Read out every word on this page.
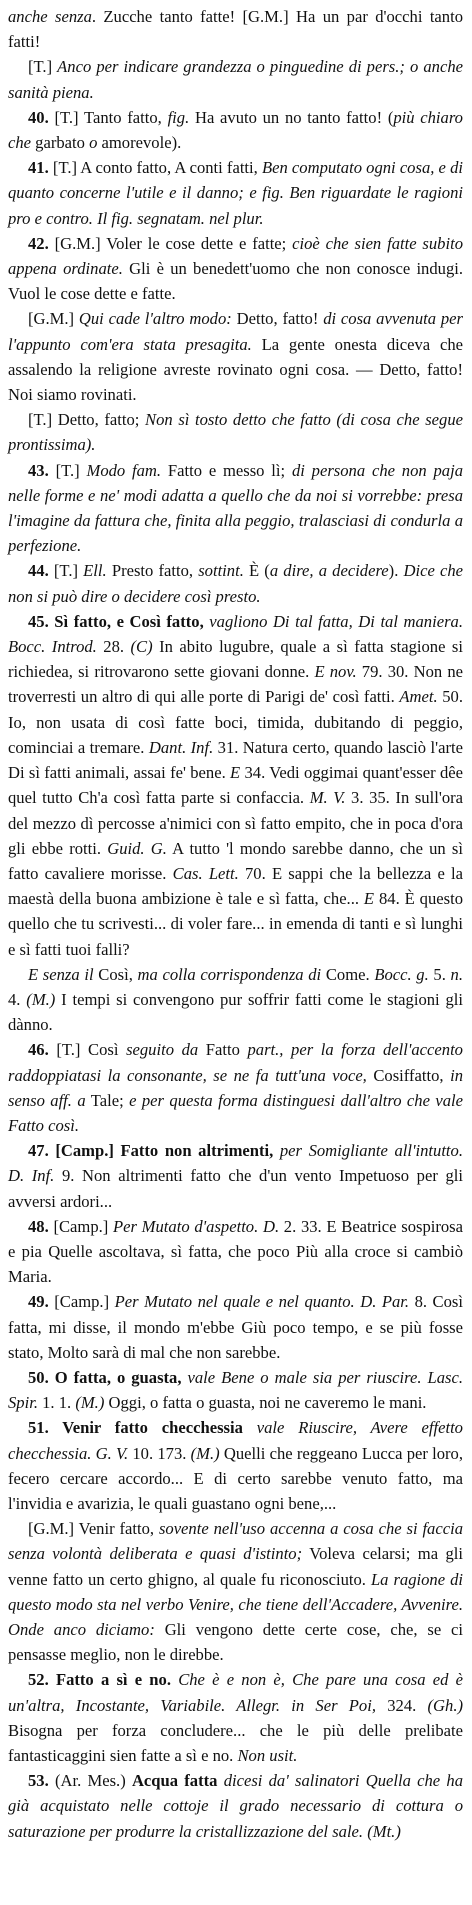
anche senza. Zucche tanto fatte! [G.M.] Ha un par d'occhi tanto fatti!

[T.] Anco per indicare grandezza o pinguedine di pers.; o anche sanità piena.

40. [T.] Tanto fatto, fig. Ha avuto un no tanto fatto! (più chiaro che garbato o amorevole).

41. [T.] A conto fatto, A conti fatti, Ben computato ogni cosa, e di quanto concerne l'utile e il danno; e fig. Ben riguardate le ragioni pro e contro. Il fig. segnatam. nel plur.

42. [G.M.] Voler le cose dette e fatte; cioè che sien fatte subito appena ordinate. Gli è un benedett'uomo che non conosce indugi. Vuol le cose dette e fatte.

[G.M.] Qui cade l'altro modo: Detto, fatto! di cosa avvenuta per l'appunto com'era stata presagita. La gente onesta diceva che assalendo la religione avreste rovinato ogni cosa. — Detto, fatto! Noi siamo rovinati.

[T.] Detto, fatto; Non sì tosto detto che fatto (di cosa che segue prontissima).

43. [T.] Modo fam. Fatto e messo lì; di persona che non paja nelle forme e ne' modi adatta a quello che da noi si vorrebbe: presa l'imagine da fattura che, finita alla peggio, tralasciasi di condurla a perfezione.

44. [T.] Ell. Presto fatto, sottint. È (a dire, a decidere). Dice che non si può dire o decidere così presto.

45. Sì fatto, e Così fatto, vagliono Di tal fatta, Di tal maniera. Bocc. Introd. 28. (C) In abito lugubre, quale a sì fatta stagione si richiedea, si ritrovarono sette giovani donne. E nov. 79. 30. Non ne troverresti un altro di qui alle porte di Parigi de' così fatti. Amet. 50. Io, non usata di così fatte boci, timida, dubitando di peggio, cominciai a tremare. Dant. Inf. 31. Natura certo, quando lasciò l'arte Di sì fatti animali, assai fe' bene. E 34. Vedi oggimai quant'esser dêe quel tutto Ch'a così fatta parte si confaccia. M. V. 3. 35. In sull'ora del mezzo dì percosse a'nimici con sì fatto empito, che in poca d'ora gli ebbe rotti. Guid. G. A tutto 'l mondo sarebbe danno, che un sì fatto cavaliere morisse. Cas. Lett. 70. E sappi che la bellezza e la maestà della buona ambizione è tale e sì fatta, che... E 84. È questo quello che tu scrivesti... di voler fare... in emenda di tanti e sì lunghi e sì fatti tuoi falli?

E senza il Così, ma colla corrispondenza di Come. Bocc. g. 5. n. 4. (M.) I tempi si convengono pur soffrir fatti come le stagioni gli dànno.

46. [T.] Così seguito da Fatto part., per la forza dell'accento raddoppiatasi la consonante, se ne fa tutt'una voce, Cosiffatto, in senso aff. a Tale; e per questa forma distinguesi dall'altro che vale Fatto così.

47. [Camp.] Fatto non altrimenti, per Somigliante all'intutto. D. Inf. 9. Non altrimenti fatto che d'un vento Impetuoso per gli avversi ardori...

48. [Camp.] Per Mutato d'aspetto. D. 2. 33. E Beatrice sospirosa e pia Quelle ascoltava, sì fatta, che poco Più alla croce si cambiò Maria.

49. [Camp.] Per Mutato nel quale e nel quanto. D. Par. 8. Così fatta, mi disse, il mondo m'ebbe Giù poco tempo, e se più fosse stato, Molto sarà di mal che non sarebbe.

50. O fatta, o guasta, vale Bene o male sia per riuscire. Lasc. Spir. 1. 1. (M.) Oggi, o fatta o guasta, noi ne caveremo le mani.

51. Venir fatto checchessia vale Riuscire, Avere effetto checchessia. G. V. 10. 173. (M.) Quelli che reggeano Lucca per loro, fecero cercare accordo... E di certo sarebbe venuto fatto, ma l'invidia e avarizia, le quali guastano ogni bene,...

[G.M.] Venir fatto, sovente nell'uso accenna a cosa che si faccia senza volontà deliberata e quasi d'istinto; Voleva celarsi; ma gli venne fatto un certo ghigno, al quale fu riconosciuto. La ragione di questo modo sta nel verbo Venire, che tiene dell'Accadere, Avvenire. Onde anco diciamo: Gli vengono dette certe cose, che, se ci pensasse meglio, non le direbbe.

52. Fatto a sì e no. Che è e non è, Che pare una cosa ed è un'altra, Incostante, Variabile. Allegr. in Ser Poi, 324. (Gh.) Bisogna per forza concludere... che le più delle prelibate fantasticaggini sien fatte a sì e no. Non usit.

53. (Ar. Mes.) Acqua fatta dicesi da' salinatori Quella che ha già acquistato nelle cottoje il grado necessario di cottura o saturazione per produrre la cristallizzazione del sale. (Mt.)
